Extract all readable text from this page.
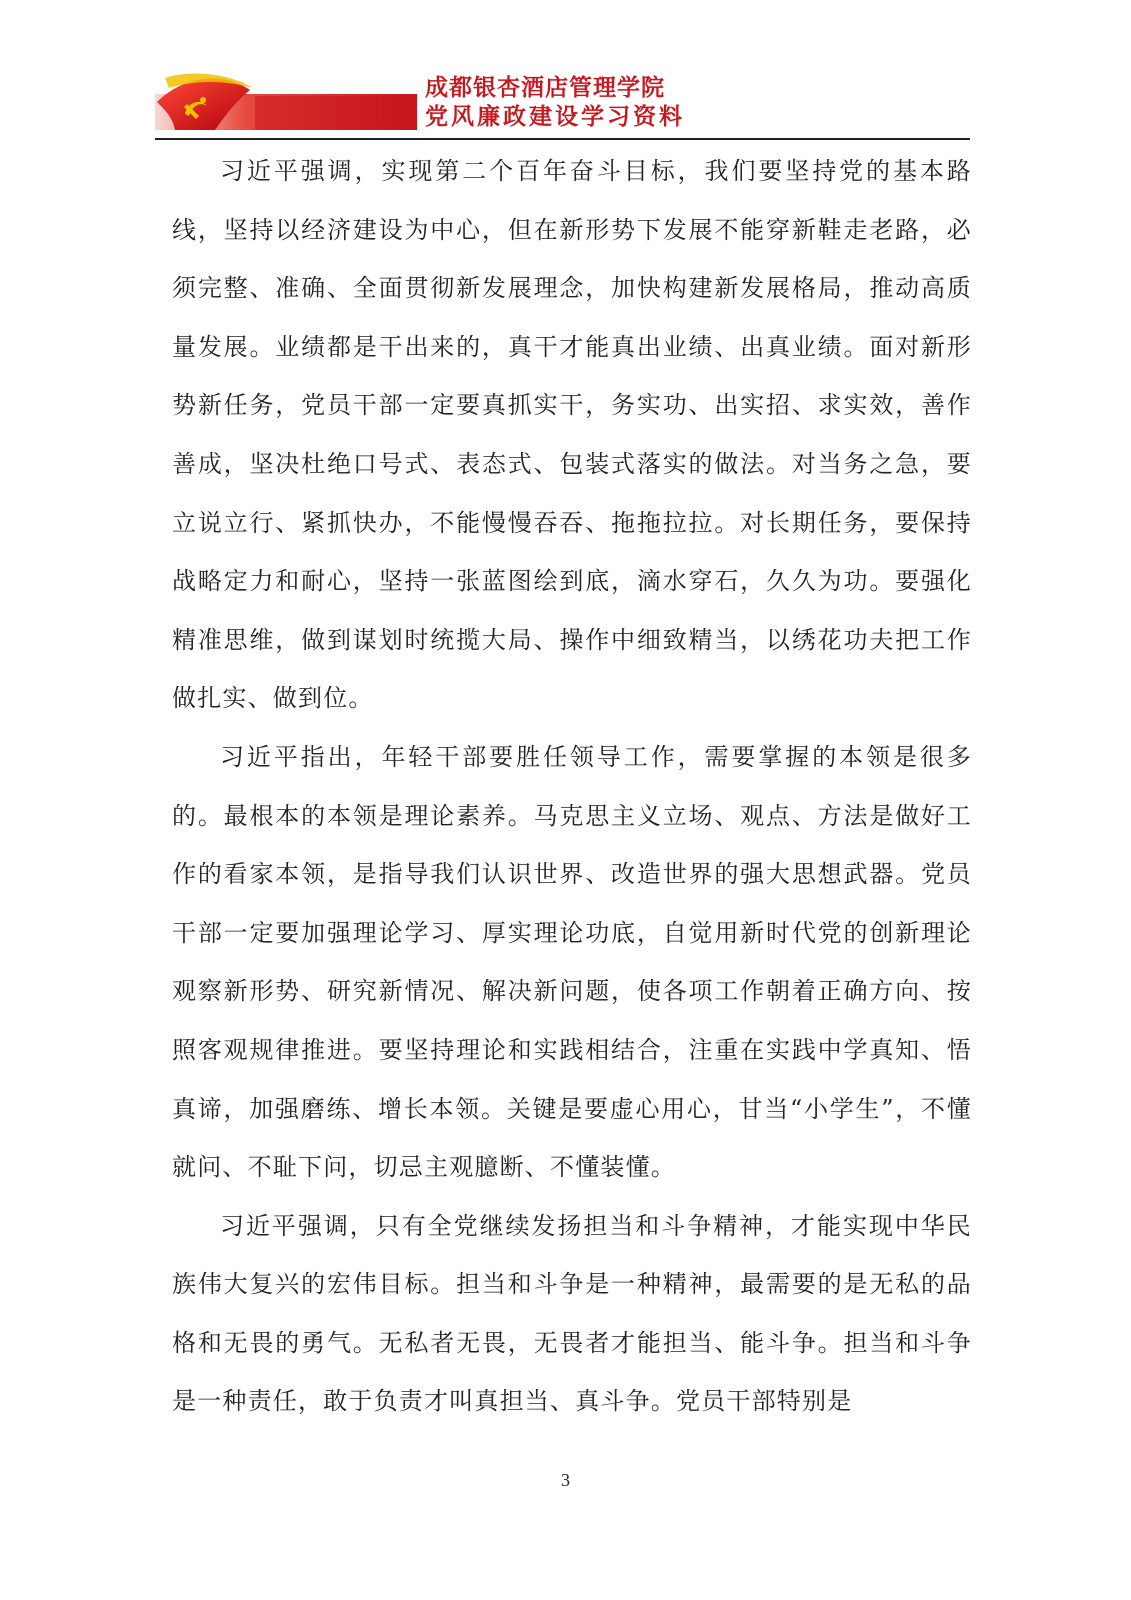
成都银杏酒店管理学院
党风廉政建设学习资料

习近平强调，实现第二个百年奋斗目标，我们要坚持党的基本路线，坚持以经济建设为中心，但在新形势下发展不能穿新鞋走老路，必须完整、准确、全面贯彻新发展理念，加快构建新发展格局，推动高质量发展。业绩都是干出来的，真干才能真出业绩、出真业绩。面对新形势新任务，党员干部一定要真抓实干，务实功、出实招、求实效，善作善成，坚决杜绝口号式、表态式、包装式落实的做法。对当务之急，要立说立行、紧抓快办，不能慢慢吞吞、拖拖拉拉。对长期任务，要保持战略定力和耐心，坚持一张蓝图绘到底，滴水穿石，久久为功。要强化精准思维，做到谋划时统揽大局、操作中细致精当，以绣花功夫把工作做扎实、做到位。

习近平指出，年轻干部要胜任领导工作，需要掌握的本领是很多的。最根本的本领是理论素养。马克思主义立场、观点、方法是做好工作的看家本领，是指导我们认识世界、改造世界的强大思想武器。党员干部一定要加强理论学习、厚实理论功底，自觉用新时代党的创新理论观察新形势、研究新情况、解决新问题，使各项工作朝着正确方向、按照客观规律推进。要坚持理论和实践相结合，注重在实践中学真知、悟真谛，加强磨练、增长本领。关键是要虚心用心，甘当“小学生”，不懂就问、不耻下问，切忌主观臆断、不懂装懂。

习近平强调，只有全党继续发扬担当和斗争精神，才能实现中华民族伟大复兴的宏伟目标。担当和斗争是一种精神，最需要的是无私的品格和无畏的勇气。无私者无畏，无畏者才能担当、能斗争。担当和斗争是一种责任，敢于负责才叫真担当、真斗争。党员干部特别是

3
